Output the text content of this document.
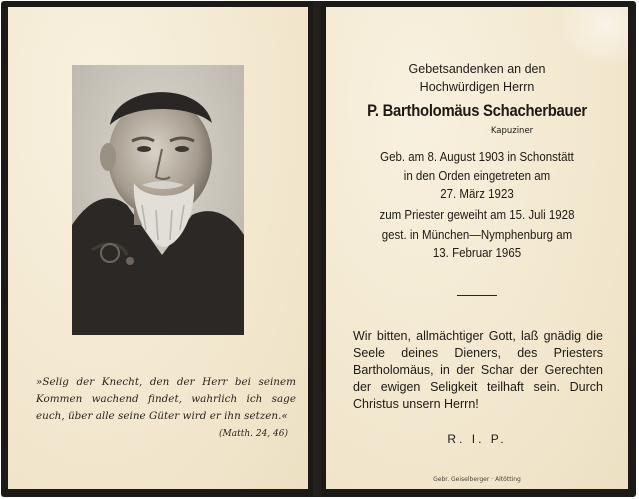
»Selig der Knecht, den der Herr bei seinem Kommen wachend findet, wahrlich ich sage euch, über alle seine Güter wird er ihn setzen.«
(Matth. 24, 46)
Gebetsandenken an den
Hochwürdigen Herrn
P. Bartholomäus Schacherbauer
Kapuziner
Geb. am 8. August 1903 in Schonstätt
in den Orden eingetreten am
27. März 1923
zum Priester geweiht am 15. Juli 1928
gest. in München—Nymphenburg am
13. Februar 1965
Wir bitten, allmächtiger Gott, laß gnädig die Seele deines Dieners, des Priesters Bartholomäus, in der Schar der Gerechten der ewigen Seligkeit teilhaft sein. Durch Christus unsern Herrn!
R. I. P.
Gebr. Geiselberger · Altötting
